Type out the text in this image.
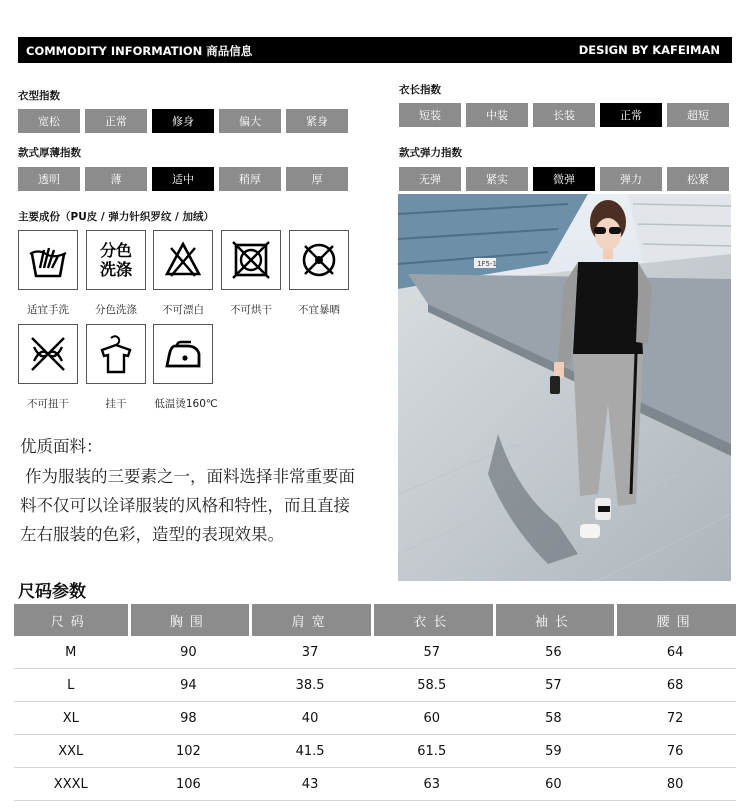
COMMODITY INFORMATION 商品信息	DESIGN BY KAFEIMAN
衣型指数
宽松	正常	修身	偏大	紧身
款式厚薄指数
透明	薄	适中	稍厚	厚
衣长指数
短装	中装	长装	正常	超短
款式弹力指数
无弹	紧实	微弹	弹力	松紧
主要成份（PU皮 / 弹力针织罗纹 / 加绒）
分色
洗涤
适宜手洗	分色洗涤	不可漂白	不可烘干	不宜暴晒
不可扭干	挂干	低温烫160℃
优质面料：
作为服装的三要素之一，面料选择非常重要面
料不仅可以诠译服装的风格和特性，而且直接
左右服装的色彩，造型的表现效果。
1F5-1
尺码参数
尺码	胸围	肩宽	衣长	袖长	腰围
M	90	37	57	56	64
L	94	38.5	58.5	57	68
XL	98	40	60	58	72
XXL	102	41.5	61.5	59	76
XXXL	106	43	63	60	80
